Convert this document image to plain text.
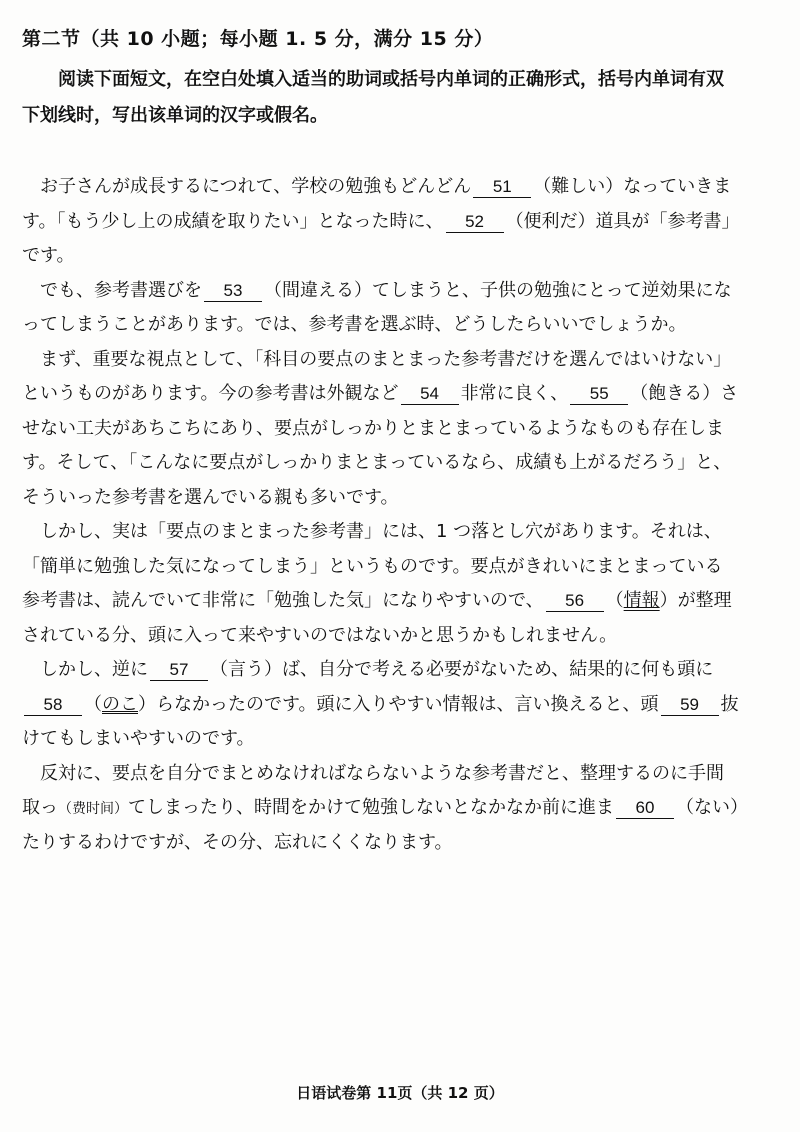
第二节（共 10 小题；每小题 1. 5 分，满分 15 分）
阅读下面短文，在空白处填入适当的助词或括号内单词的正确形式，括号内单词有双
下划线时，写出该单词的汉字或假名。
お子さんが成長するにつれて、学校の勉強もどんどん 51 （難しい）なっていきま
す。「もう少し上の成績を取りたい」となった時に、 52 （便利だ）道具が「参考書」
です。
でも、参考書選びを 53 （間違える）てしまうと、子供の勉強にとって逆効果にな
ってしまうことがあります。では、参考書を選ぶ時、どうしたらいいでしょうか。
まず、重要な視点として、「科目の要点のまとまった参考書だけを選んではいけない」
というものがあります。今の参考書は外観など 54 非常に良く、 55 （飽きる）さ
せない工夫があちこちにあり、要点がしっかりとまとまっているようなものも存在しま
す。そして、「こんなに要点がしっかりまとまっているなら、成績も上がるだろう」と、
そういった参考書を選んでいる親も多いです。
しかし、実は「要点のまとまった参考書」には、1 つ落とし穴があります。それは、
「簡単に勉強した気になってしまう」というものです。要点がきれいにまとまっている
参考書は、読んでいて非常に「勉強した気」になりやすいので、 56 （情報）が整理
されている分、頭に入って来やすいのではないかと思うかもしれません。
しかし、逆に 57 （言う）ば、自分で考える必要がないため、結果的に何も頭に
58 （のこ）らなかったのです。頭に入りやすい情報は、言い換えると、頭 59 抜
けてもしまいやすいのです。
反対に、要点を自分でまとめなければならないような参考書だと、整理するのに手間
取っ（费时间）てしまったり、時間をかけて勉強しないとなかなか前に進ま 60 （ない）
たりするわけですが、その分、忘れにくくなります。
日语试卷第 11页（共 12 页）
